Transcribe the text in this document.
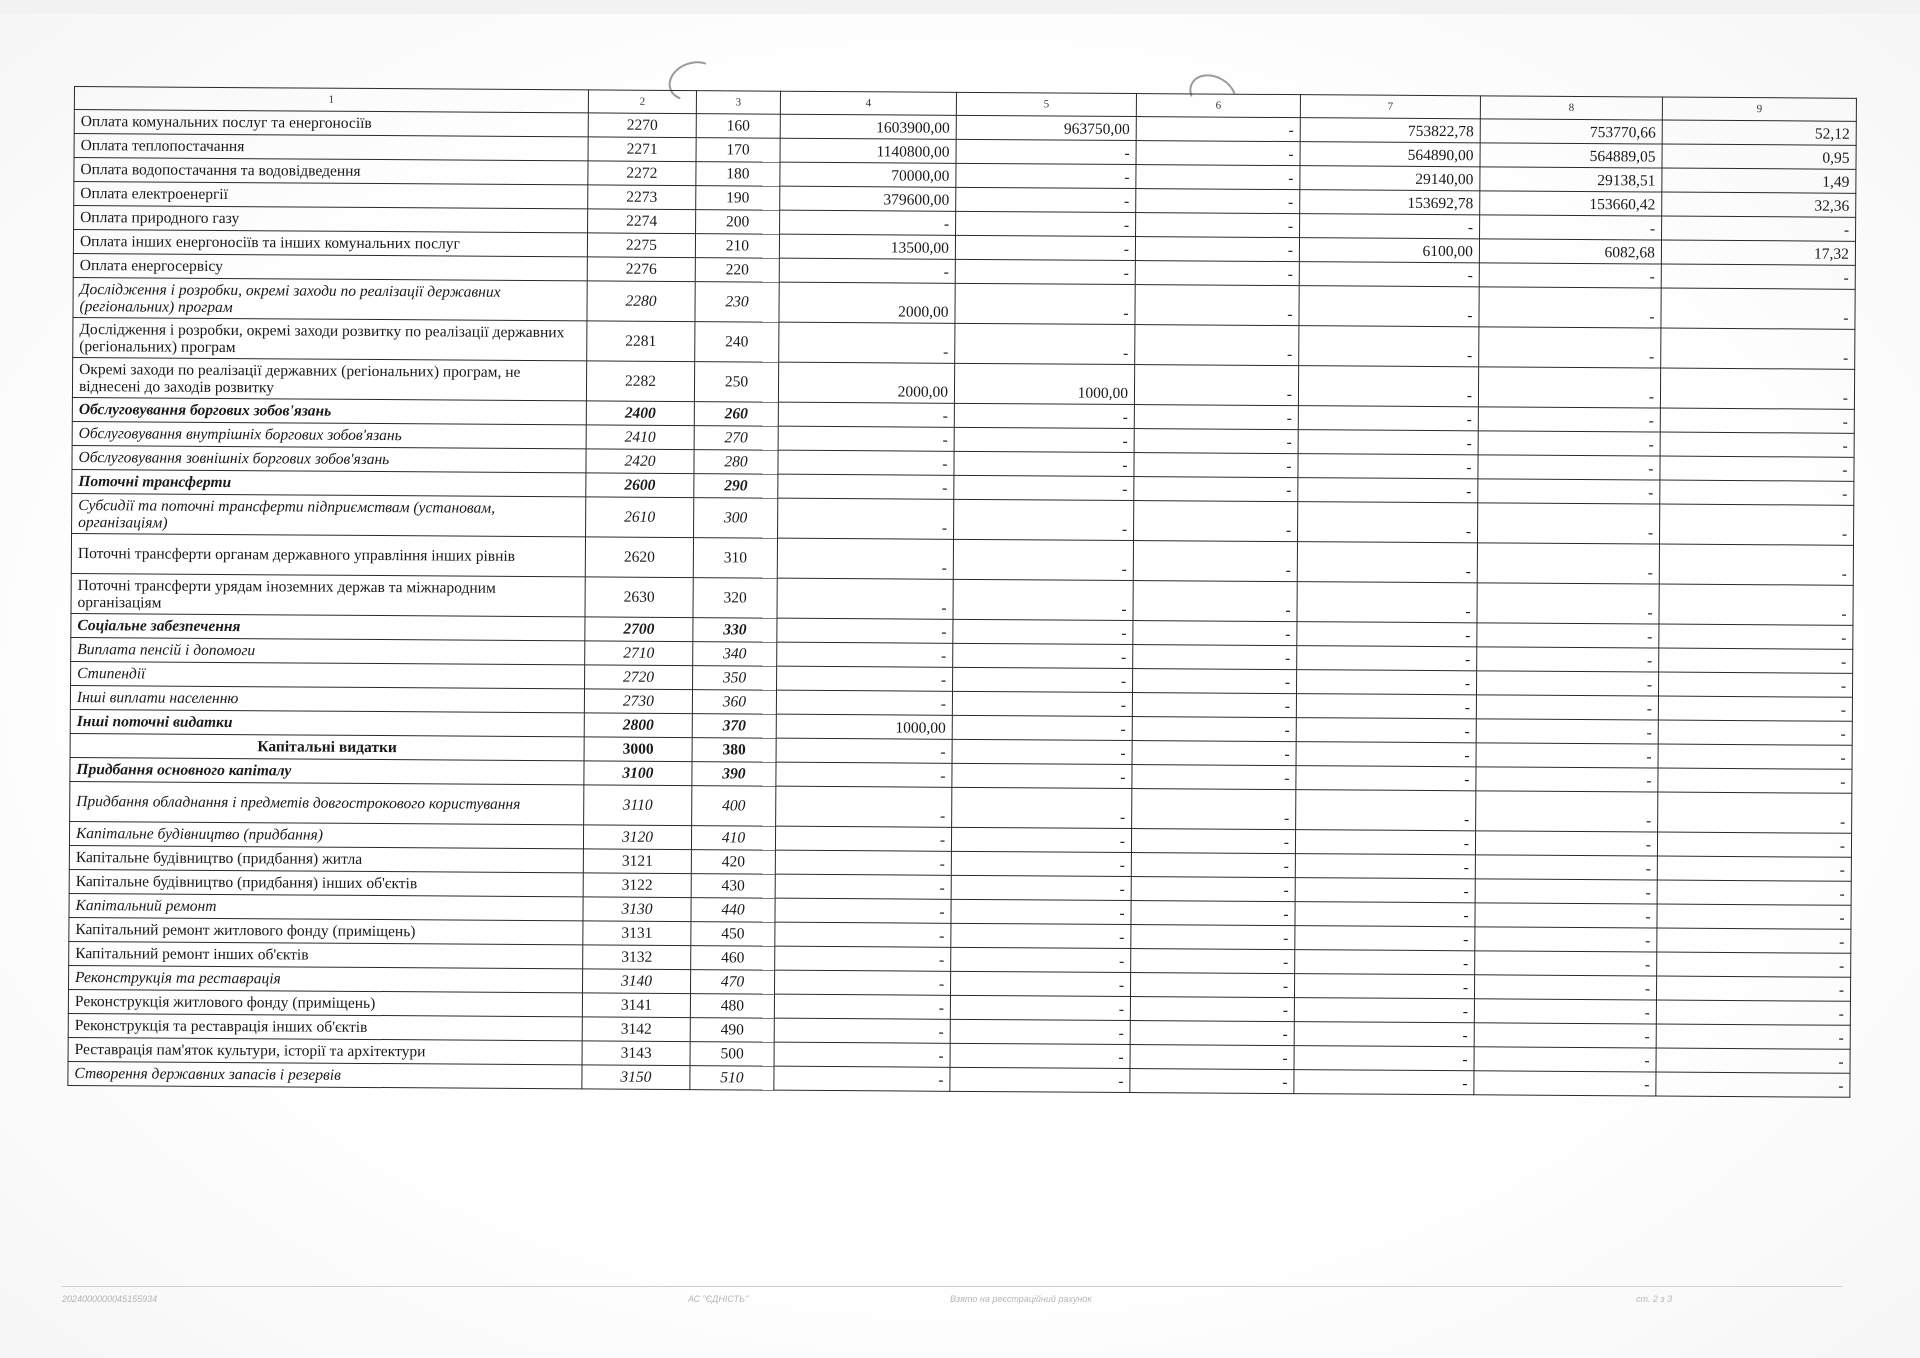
1	2	3	4	5	6	7	8	9
Оплата комунальних послуг та енергоносіїв	2270	160	1603900,00	963750,00	-	753822,78	753770,66	52,12
Оплата теплопостачання	2271	170	1140800,00	-	-	564890,00	564889,05	0,95
Оплата водопостачання та водовідведення	2272	180	70000,00	-	-	29140,00	29138,51	1,49
Оплата електроенергії	2273	190	379600,00	-	-	153692,78	153660,42	32,36
Оплата природного газу	2274	200	-	-	-	-	-	-
Оплата інших енергоносіїв та інших комунальних послуг	2275	210	13500,00	-	-	6100,00	6082,68	17,32
Оплата енергосервісу	2276	220	-	-	-	-	-	-
Дослідження і розробки, окремі заходи по реалізації державних (регіональних) програм	2280	230	2000,00	-	-	-	-	-
Дослідження і розробки, окремі заходи розвитку по реалізації державних (регіональних) програм	2281	240	-	-	-	-	-	-
Окремі заходи по реалізації державних (регіональних) програм, не віднесені до заходів розвитку	2282	250	2000,00	1000,00	-	-	-	-
Обслуговування боргових зобов'язань	2400	260	-	-	-	-	-	-
Обслуговування внутрішніх боргових зобов'язань	2410	270	-	-	-	-	-	-
Обслуговування зовнішніх боргових зобов'язань	2420	280	-	-	-	-	-	-
Поточні трансферти	2600	290	-	-	-	-	-	-
Субсидії та поточні трансферти підприємствам (установам, організаціям)	2610	300	-	-	-	-	-	-
Поточні трансферти органам державного управління інших рівнів	2620	310	-	-	-	-	-	-
Поточні трансферти урядам іноземних держав та міжнародним організаціям	2630	320	-	-	-	-	-	-
Соціальне забезпечення	2700	330	-	-	-	-	-	-
Виплата пенсій і допомоги	2710	340	-	-	-	-	-	-
Стипендії	2720	350	-	-	-	-	-	-
Інші виплати населенню	2730	360	-	-	-	-	-	-
Інші поточні видатки	2800	370	1000,00	-	-	-	-	-
Капітальні видатки	3000	380	-	-	-	-	-	-
Придбання основного капіталу	3100	390	-	-	-	-	-	-
Придбання обладнання і предметів довгострокового користування	3110	400	-	-	-	-	-	-
Капітальне будівництво (придбання)	3120	410	-	-	-	-	-	-
Капітальне будівництво (придбання) житла	3121	420	-	-	-	-	-	-
Капітальне будівництво (придбання) інших об'єктів	3122	430	-	-	-	-	-	-
Капітальний ремонт	3130	440	-	-	-	-	-	-
Капітальний ремонт житлового фонду (приміщень)	3131	450	-	-	-	-	-	-
Капітальний ремонт інших об'єктів	3132	460	-	-	-	-	-	-
Реконструкція та реставрація	3140	470	-	-	-	-	-	-
Реконструкція житлового фонду (приміщень)	3141	480	-	-	-	-	-	-
Реконструкція та реставрація інших об'єктів	3142	490	-	-	-	-	-	-
Реставрація пам'яток культури, історії та архітектури	3143	500	-	-	-	-	-	-
Створення державних запасів і резервів	3150	510	-	-	-	-	-	-
2024000000045155934	АС "ЄДНІСТЬ"	Взято на реєстраційний рахунок	ст. 2 з 3
